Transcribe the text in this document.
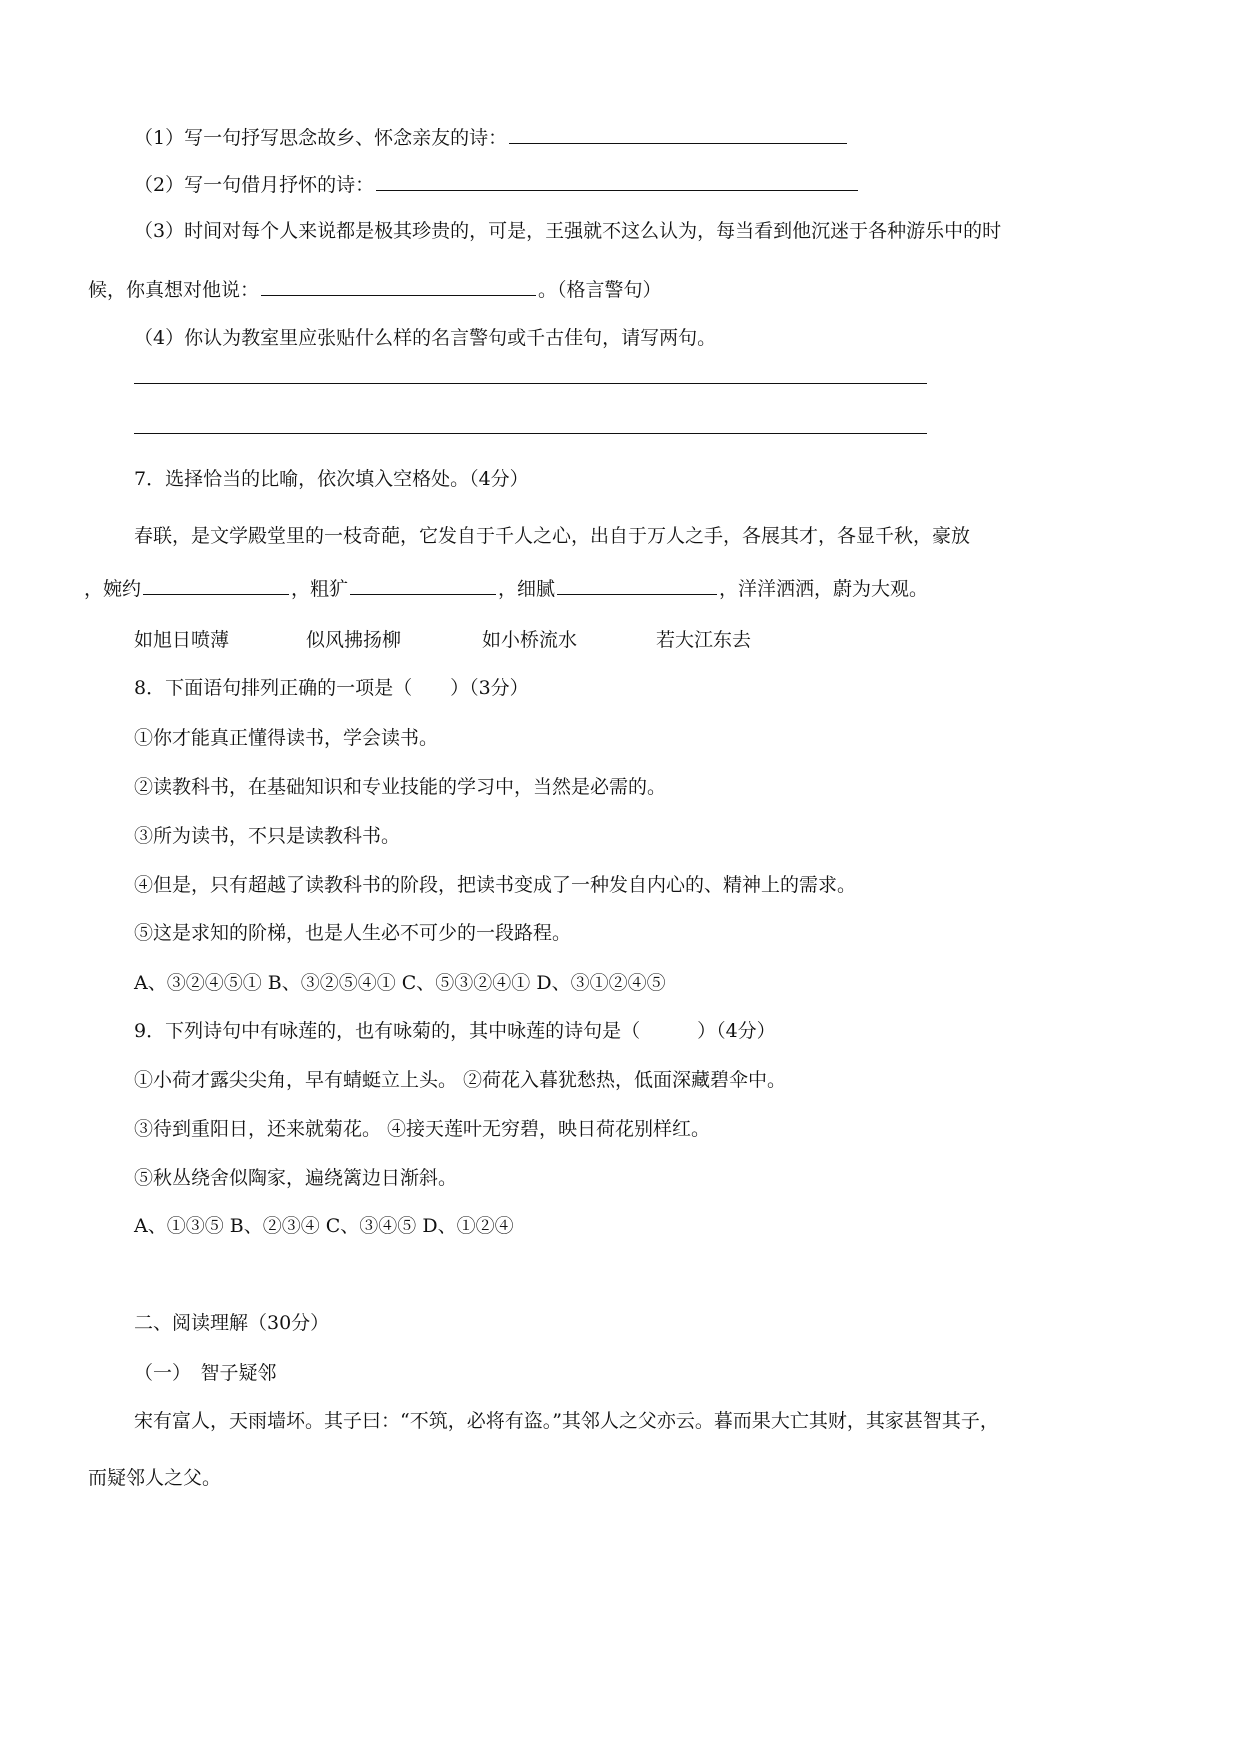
（1）写一句抒写思念故乡、怀念亲友的诗：
（2）写一句借月抒怀的诗：
（3）时间对每个人来说都是极其珍贵的，可是，王强就不这么认为，每当看到他沉迷于各种游乐中的时
候，你真想对他说：	。（格言警句）
（4）你认为教室里应张贴什么样的名言警句或千古佳句，请写两句。
7．选择恰当的比喻，依次填入空格处。（4分）
春联，是文学殿堂里的一枝奇葩，它发自于千人之心，出自于万人之手，各展其才，各显千秋，豪放
，婉约	，粗犷	，细腻	，洋洋洒洒，蔚为大观。
如旭日喷薄	似风拂扬柳	如小桥流水	若大江东去
8．下面语句排列正确的一项是（　　）（3分）
①你才能真正懂得读书，学会读书。
②读教科书，在基础知识和专业技能的学习中，当然是必需的。
③所为读书，不只是读教科书。
④但是，只有超越了读教科书的阶段，把读书变成了一种发自内心的、精神上的需求。
⑤这是求知的阶梯，也是人生必不可少的一段路程。
A、③②④⑤① B、③②⑤④① C、⑤③②④① D、③①②④⑤
9．下列诗句中有咏莲的，也有咏菊的，其中咏莲的诗句是（　　　）（4分）
①小荷才露尖尖角，早有蜻蜓立上头。 ②荷花入暮犹愁热，低面深藏碧伞中。
③待到重阳日，还来就菊花。 ④接天莲叶无穷碧，映日荷花别样红。
⑤秋丛绕舍似陶家，遍绕篱边日渐斜。
A、①③⑤ B、②③④ C、③④⑤ D、①②④
二、阅读理解（30分）
（一）　智子疑邻
宋有富人，天雨墙坏。其子曰：“不筑，必将有盗。”其邻人之父亦云。暮而果大亡其财，其家甚智其子，
而疑邻人之父。
